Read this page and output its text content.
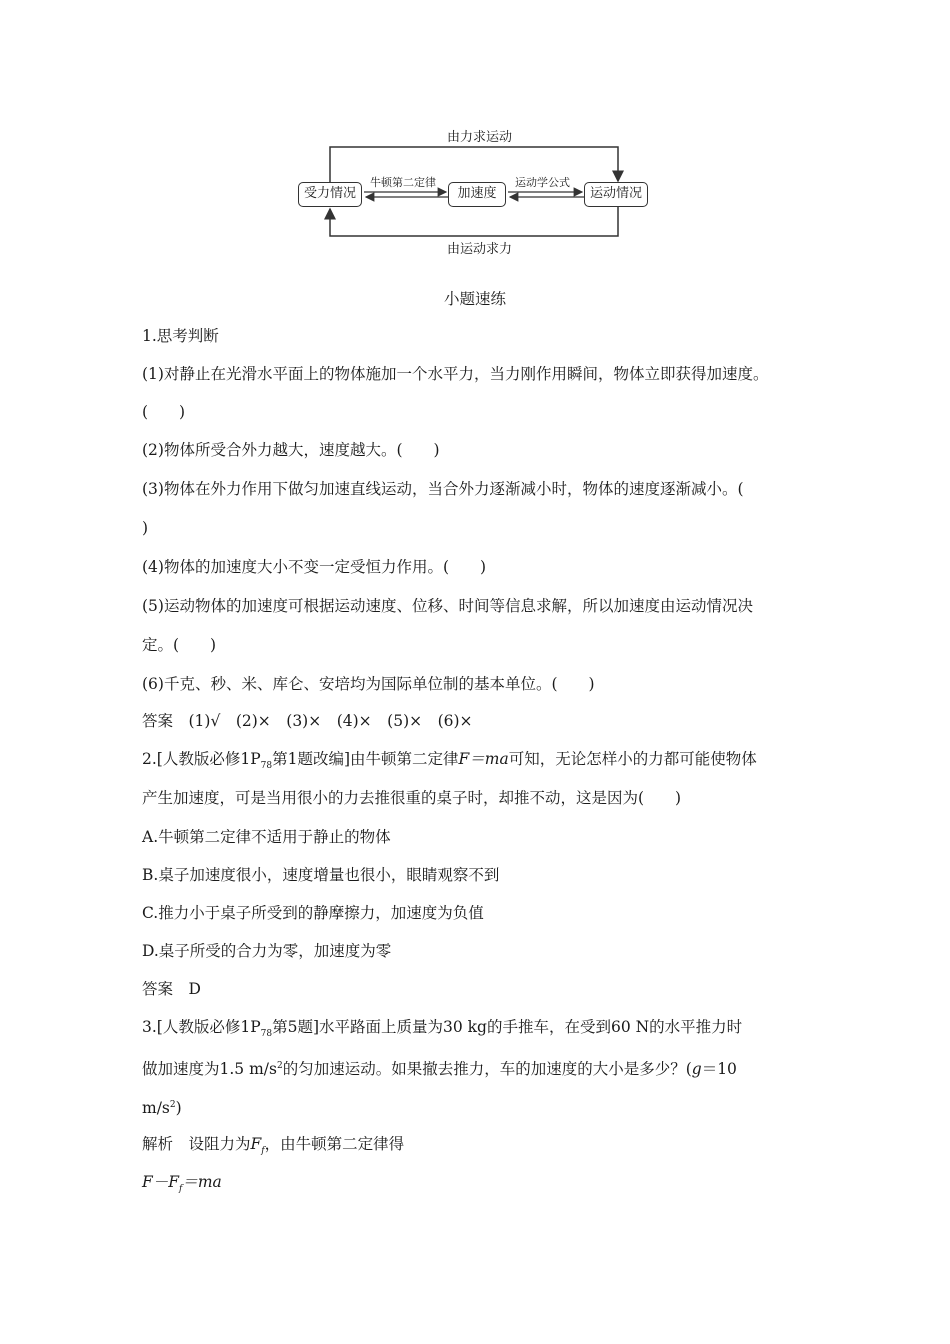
由力求运动
由运动求力
受力情况	加速度	运动情况
牛顿第二定律	运动学公式
小题速练
1.思考判断
(1)对静止在光滑水平面上的物体施加一个水平力，当力刚作用瞬间，物体立即获得加速度。
(　　)
(2)物体所受合外力越大，速度越大。(　　)
(3)物体在外力作用下做匀加速直线运动，当合外力逐渐减小时，物体的速度逐渐减小。(
)
(4)物体的加速度大小不变一定受恒力作用。(　　)
(5)运动物体的加速度可根据运动速度、位移、时间等信息求解，所以加速度由运动情况决
定。(　　)
(6)千克、秒、米、库仑、安培均为国际单位制的基本单位。(　　)
答案　(1)√　(2)×　(3)×　(4)×　(5)×　(6)×
2.[人教版必修$1P_{78}$第1题改编]由牛顿第二定律F＝ma可知，无论怎样小的力都可能使物体
产生加速度，可是当用很小的力去推很重的桌子时，却推不动，这是因为(　　)
A.牛顿第二定律不适用于静止的物体
B.桌子加速度很小，速度增量也很小，眼睛观察不到
C.推力小于桌子所受到的静摩擦力，加速度为负值
D.桌子所受的合力为零，加速度为零
答案　D
3.[人教版必修$1P_{78}$第5题]水平路面上质量为30 kg的手推车，在受到60 N的水平推力时
做加速度为1.5 $m/s^2$的匀加速运动。如果撤去推力，车的加速度的大小是多少？(g＝10
$m/s^2$)
解析　设阻力为$F_f$，由牛顿第二定律得
$F-F_f=ma$
